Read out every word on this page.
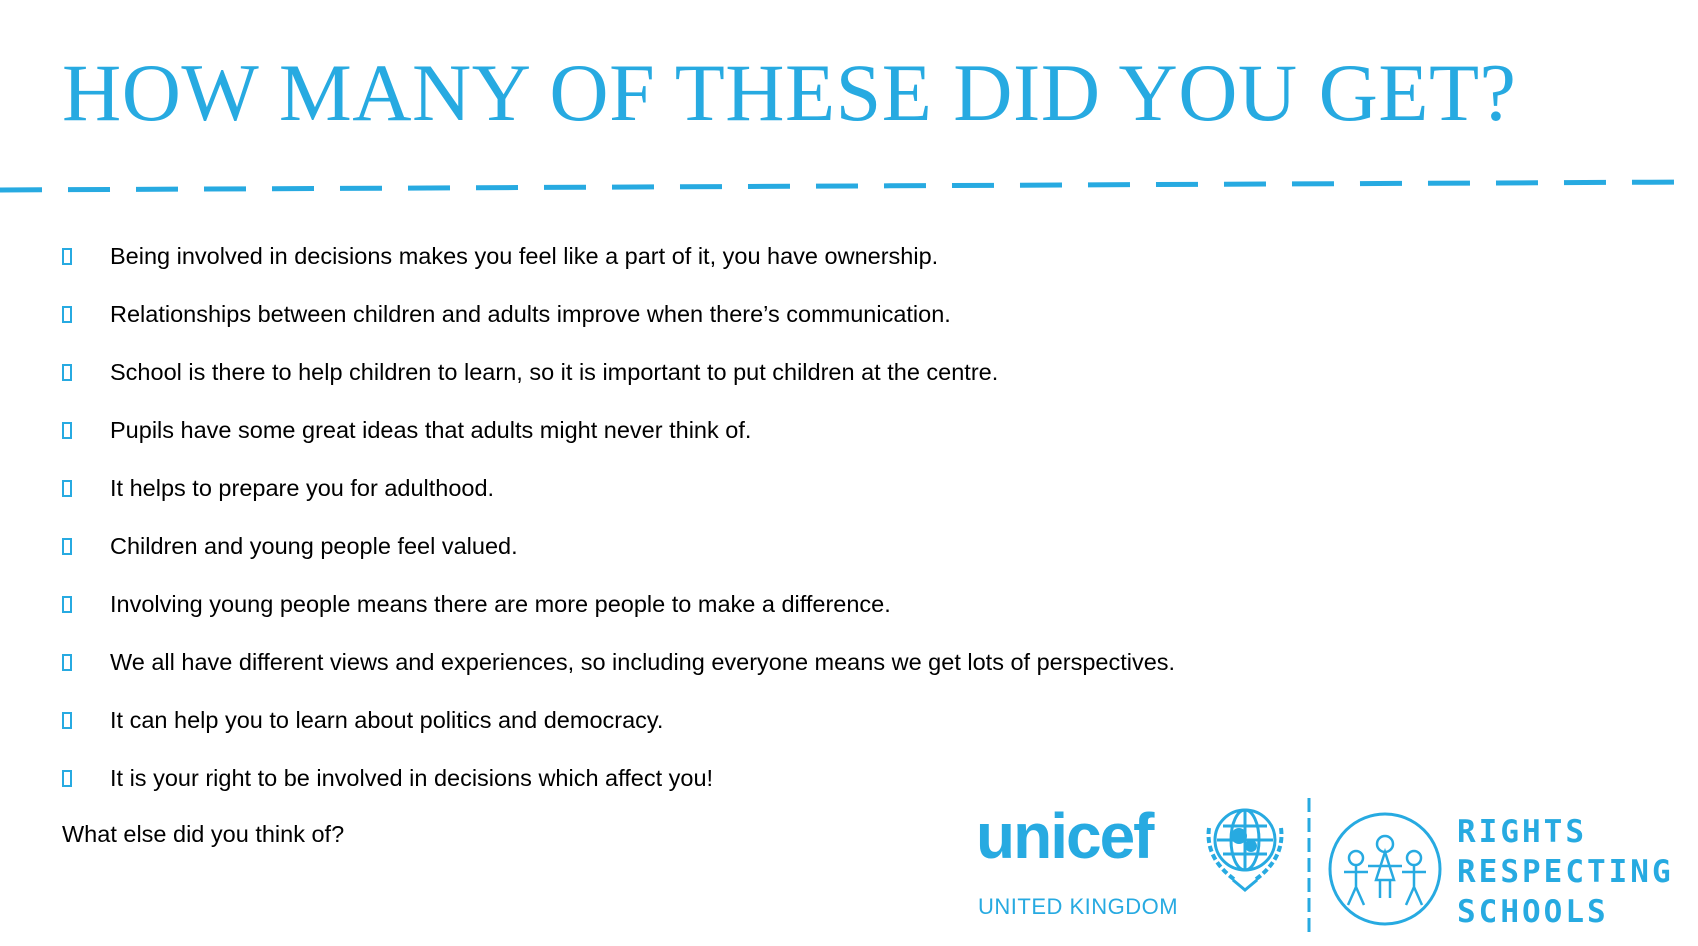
HOW MANY OF THESE DID YOU GET?
Being involved in decisions makes you feel like a part of it, you have ownership.
Relationships between children and adults improve when there’s communication.
School is there to help children to learn, so it is important to put children at the centre.
Pupils have some great ideas that adults might never think of.
It helps to prepare you for adulthood.
Children and young people feel valued.
Involving young people means there are more people to make a difference.
We all have different views and experiences, so including everyone means we get lots of perspectives.
It can help you to learn about politics and democracy.
It is your right to be involved in decisions which affect you!
What else did you think of?	unicef
UNITED KINGDOM
RIGHTS
RESPECTING
SCHOOLS
